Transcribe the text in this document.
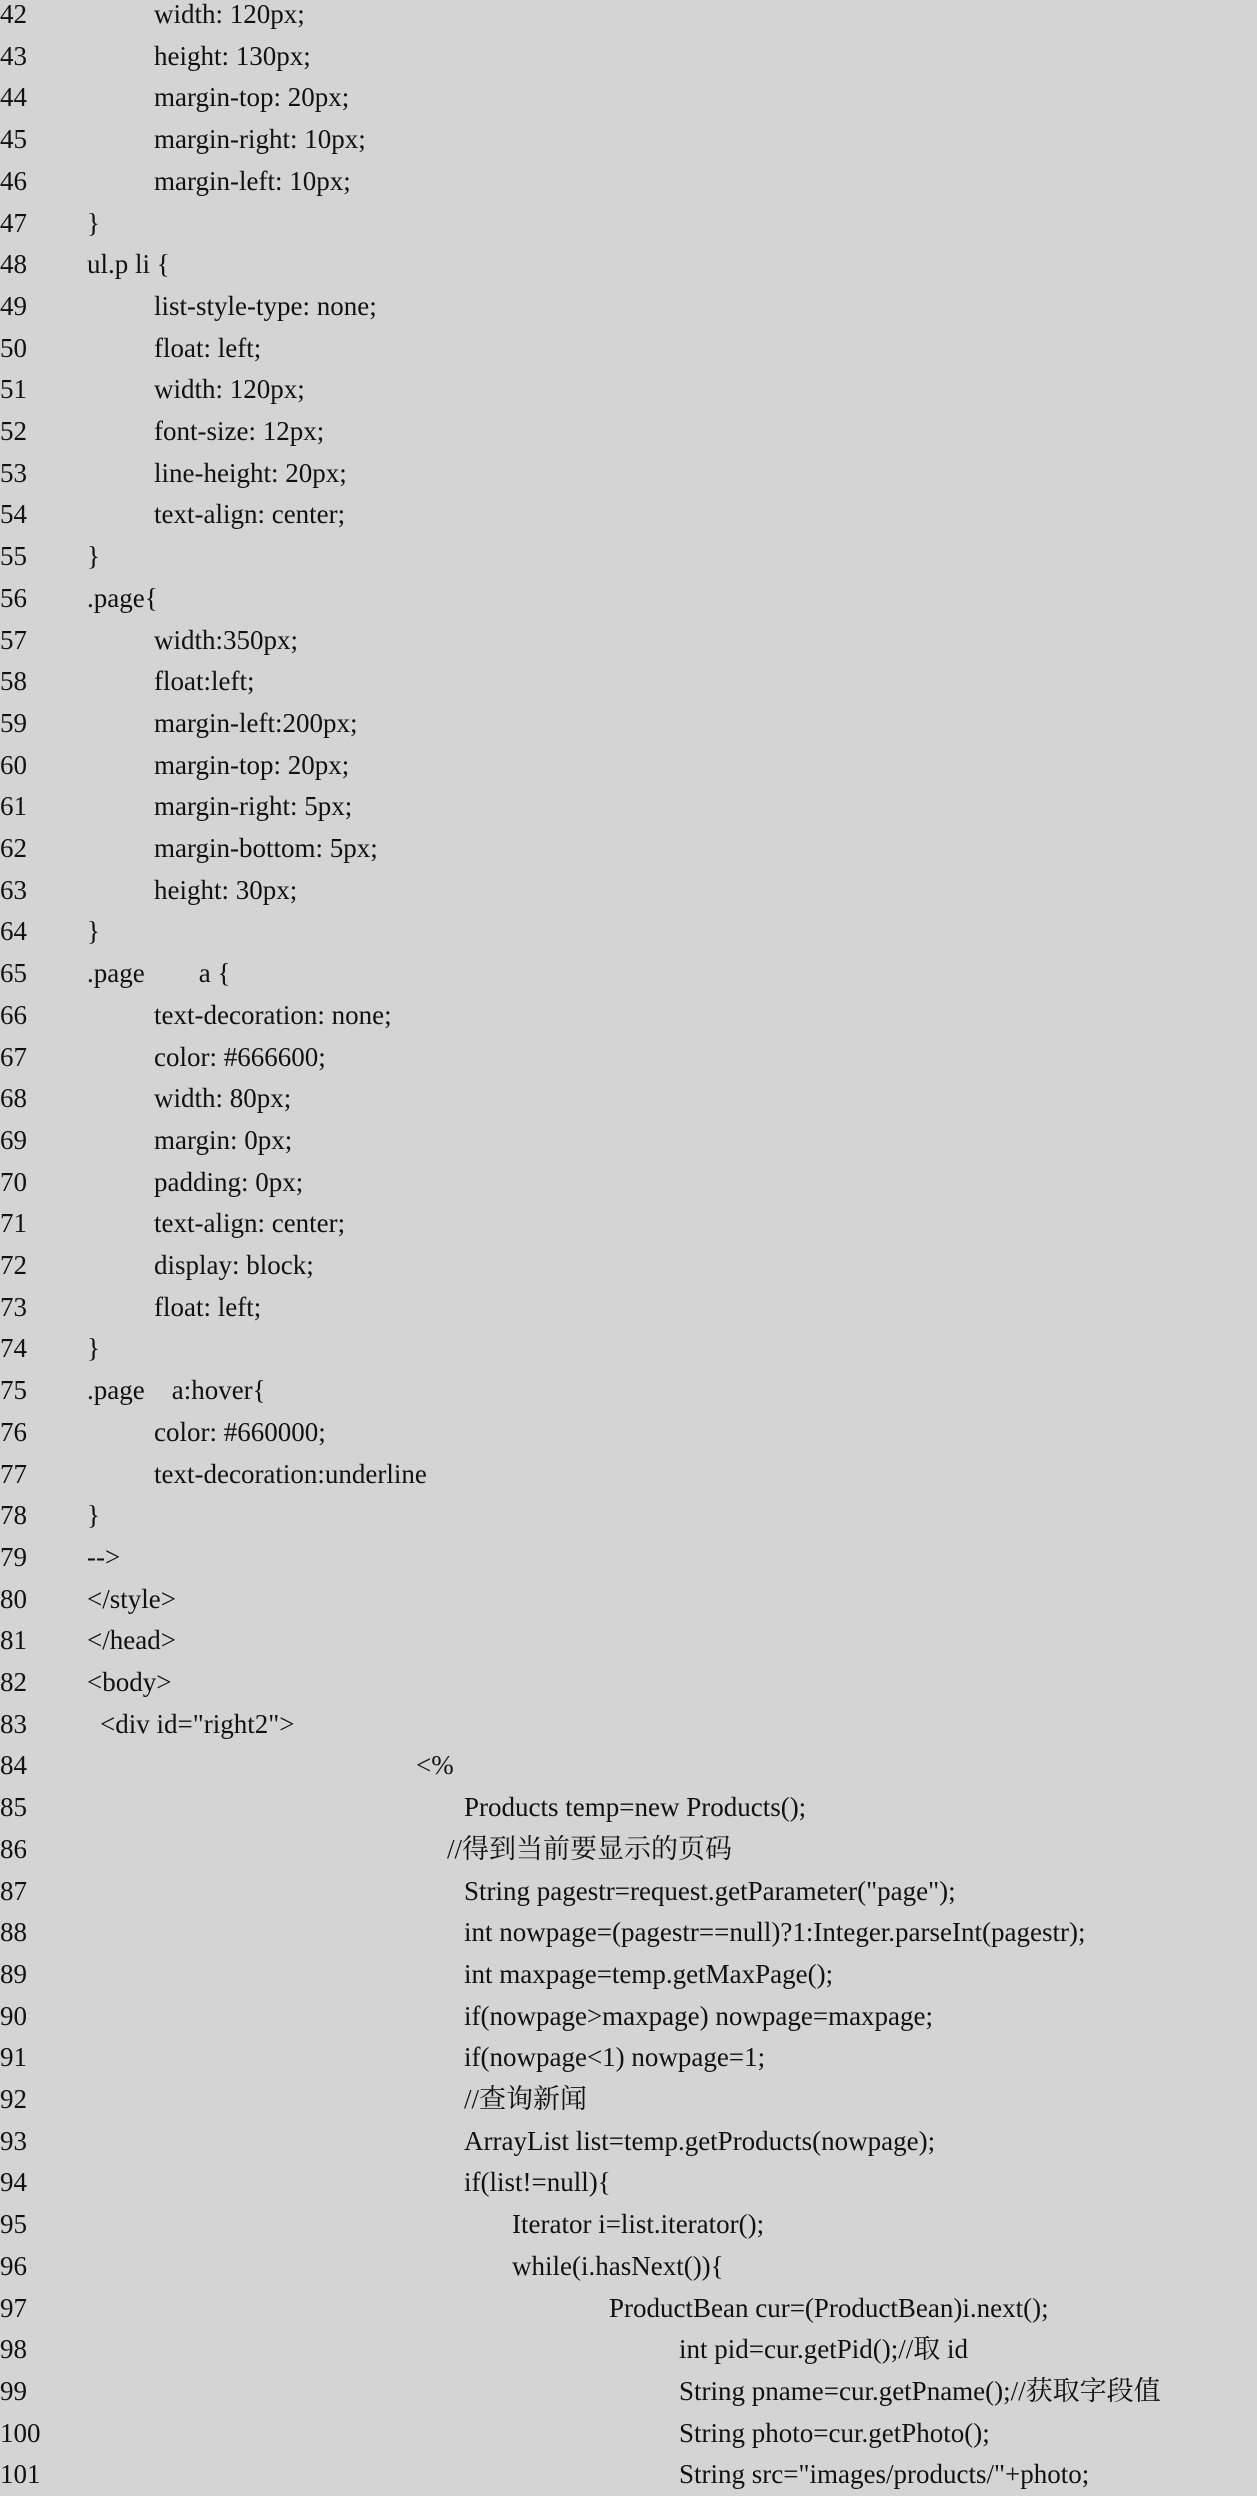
42	width: 120px;
43	height: 130px;
44	margin-top: 20px;
45	margin-right: 10px;
46	margin-left: 10px;
47	}
48	ul.p li {
49	list-style-type: none;
50	float: left;
51	width: 120px;
52	font-size: 12px;
53	line-height: 20px;
54	text-align: center;
55	}
56	.page{
57	width:350px;
58	float:left;
59	margin-left:200px;
60	margin-top: 20px;
61	margin-right: 5px;
62	margin-bottom: 5px;
63	height: 30px;
64	}
65	.page        a {
66	text-decoration: none;
67	color: #666600;
68	width: 80px;
69	margin: 0px;
70	padding: 0px;
71	text-align: center;
72	display: block;
73	float: left;
74	}
75	.page    a:hover{
76	color: #660000;
77	text-decoration:underline
78	}
79	-->
80	</style>
81	</head>
82	<body>
83	<div id="right2">
84	<%
85	Products temp=new Products();
86	//得到当前要显示的页码
87	String pagestr=request.getParameter("page");
88	int nowpage=(pagestr==null)?1:Integer.parseInt(pagestr);
89	int maxpage=temp.getMaxPage();
90	if(nowpage>maxpage) nowpage=maxpage;
91	if(nowpage<1) nowpage=1;
92	//查询新闻
93	ArrayList list=temp.getProducts(nowpage);
94	if(list!=null){
95	Iterator i=list.iterator();
96	while(i.hasNext()){
97	ProductBean cur=(ProductBean)i.next();
98	int pid=cur.getPid();//取 id
99	String pname=cur.getPname();//获取字段值
100	String photo=cur.getPhoto();
101	String src="images/products/"+photo;
